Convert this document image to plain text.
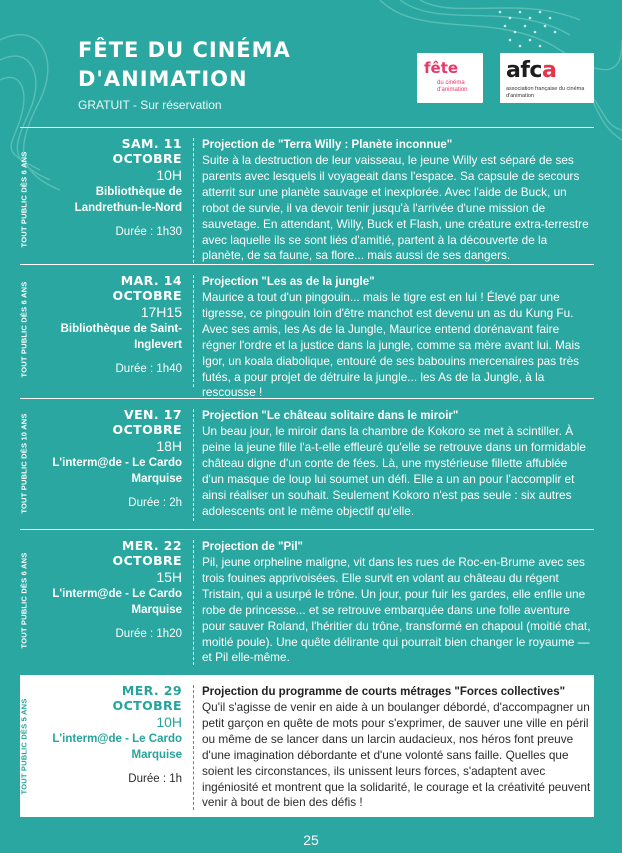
FÊTE DU CINÉMA
D'ANIMATION
GRATUIT - Sur réservation
fête
du cinéma d'animation
afca
association française du cinéma d'animation
TOUT PUBLIC DÈS 6 ANS
SAM. 11 OCTOBRE
10H
Bibliothèque de Landrethun-le-Nord
Durée : 1h30
Projection de "Terra Willy : Planète inconnue"
Suite à la destruction de leur vaisseau, le jeune Willy est séparé de ses parents avec lesquels il voyageait dans l'espace. Sa capsule de secours atterrit sur une planète sauvage et inexplorée. Avec l'aide de Buck, un robot de survie, il va devoir tenir jusqu'à l'arrivée d'une mission de sauvetage. En attendant, Willy, Buck et Flash, une créature extra-terrestre avec laquelle ils se sont liés d'amitié, partent à la découverte de la planète, de sa faune, sa flore... mais aussi de ses dangers.
TOUT PUBLIC DÈS 6 ANS
MAR. 14 OCTOBRE
17H15
Bibliothèque de Saint-Inglevert
Durée : 1h40
Projection "Les as de la jungle"
Maurice a tout d'un pingouin... mais le tigre est en lui ! Élevé par une tigresse, ce pingouin loin d'être manchot est devenu un as du Kung Fu. Avec ses amis, les As de la Jungle, Maurice entend dorénavant faire régner l'ordre et la justice dans la jungle, comme sa mère avant lui. Mais Igor, un koala diabolique, entouré de ses babouins mercenaires pas très futés, a pour projet de détruire la jungle... les As de la Jungle, à la rescousse !
TOUT PUBLIC DÈS 10 ANS	VEN. 17 OCTOBRE
18H
L'interm@de - Le Cardo Marquise
Durée : 2h
Projection "Le château solitaire dans le miroir"
Un beau jour, le miroir dans la chambre de Kokoro se met à scintiller. À peine la jeune fille l'a-t-elle effleuré qu'elle se retrouve dans un formidable château digne d'un conte de fées. Là, une mystérieuse fillette affublée d'un masque de loup lui soumet un défi. Elle a un an pour l'accomplir et ainsi réaliser un souhait. Seulement Kokoro n'est pas seule : six autres adolescents ont le même objectif qu'elle.
TOUT PUBLIC DÈS 6 ANS
MER. 22 OCTOBRE
15H
L'interm@de - Le Cardo Marquise
Durée : 1h20
Projection de "Pil"
Pil, jeune orpheline maligne, vit dans les rues de Roc-en-Brume avec ses trois fouines apprivoisées. Elle survit en volant au château du régent Tristain, qui a usurpé le trône. Un jour, pour fuir les gardes, elle enfile une robe de princesse... et se retrouve embarquée dans une folle aventure pour sauver Roland, l'héritier du trône, transformé en chapoul (moitié chat, moitié poule). Une quête délirante qui pourrait bien changer le royaume — et Pil elle-même.
TOUT PUBLIC DÈS 5 ANS
MER. 29 OCTOBRE
10H
L'interm@de - Le Cardo Marquise
Durée : 1h
Projection du programme de courts métrages "Forces collectives"
Qu'il s'agisse de venir en aide à un boulanger débordé, d'accompagner un petit garçon en quête de mots pour s'exprimer, de sauver une ville en péril ou même de se lancer dans un larcin audacieux, nos héros font preuve d'une imagination débordante et d'une volonté sans faille. Quelles que soient les circonstances, ils unissent leurs forces, s'adaptent avec ingéniosité et montrent que la solidarité, le courage et la créativité peuvent venir à bout de bien des défis !
25
